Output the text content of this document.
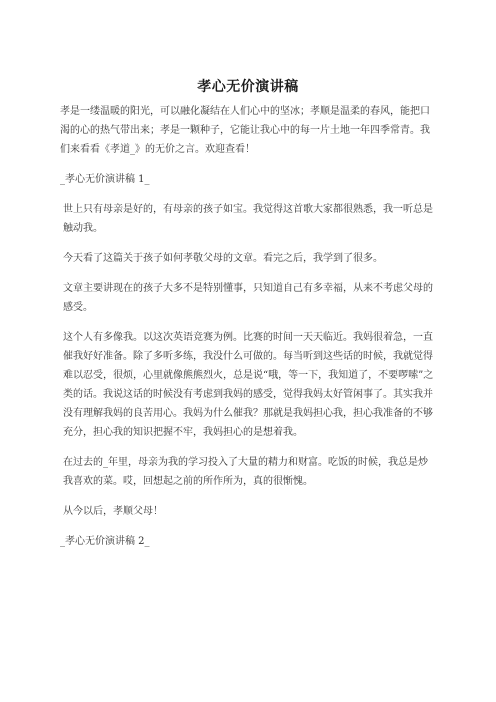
孝心无价演讲稿

孝是一缕温暖的阳光，可以融化凝结在人们心中的坚冰；孝顺是温柔的春风，能把口渴的心的热气带出来；孝是一颗种子，它能让我心中的每一片土地一年四季常青。我们来看看《孝道_》的无价之言。欢迎查看！

_孝心无价演讲稿 1_

世上只有母亲是好的，有母亲的孩子如宝。我觉得这首歌大家都很熟悉，我一听总是触动我。

今天看了这篇关于孩子如何孝敬父母的文章。看完之后，我学到了很多。

文章主要讲现在的孩子大多不是特别懂事，只知道自己有多幸福，从来不考虑父母的感受。

这个人有多像我。以这次英语竞赛为例。比赛的时间一天天临近。我妈很着急，一直催我好好准备。除了多听多练，我没什么可做的。每当听到这些话的时候，我就觉得难以忍受，很烦，心里就像熊熊烈火，总是说“哦，等一下，我知道了，不要啰嗦”之类的话。我说这话的时候没有考虑到我妈的感受，觉得我妈太好管闲事了。其实我并没有理解我妈的良苦用心。我妈为什么催我？那就是我妈担心我，担心我准备的不够充分，担心我的知识把握不牢，我妈担心的是想着我。

在过去的_年里，母亲为我的学习投入了大量的精力和财富。吃饭的时候，我总是炒我喜欢的菜。哎，回想起之前的所作所为，真的很惭愧。

从今以后，孝顺父母！

_孝心无价演讲稿 2_
